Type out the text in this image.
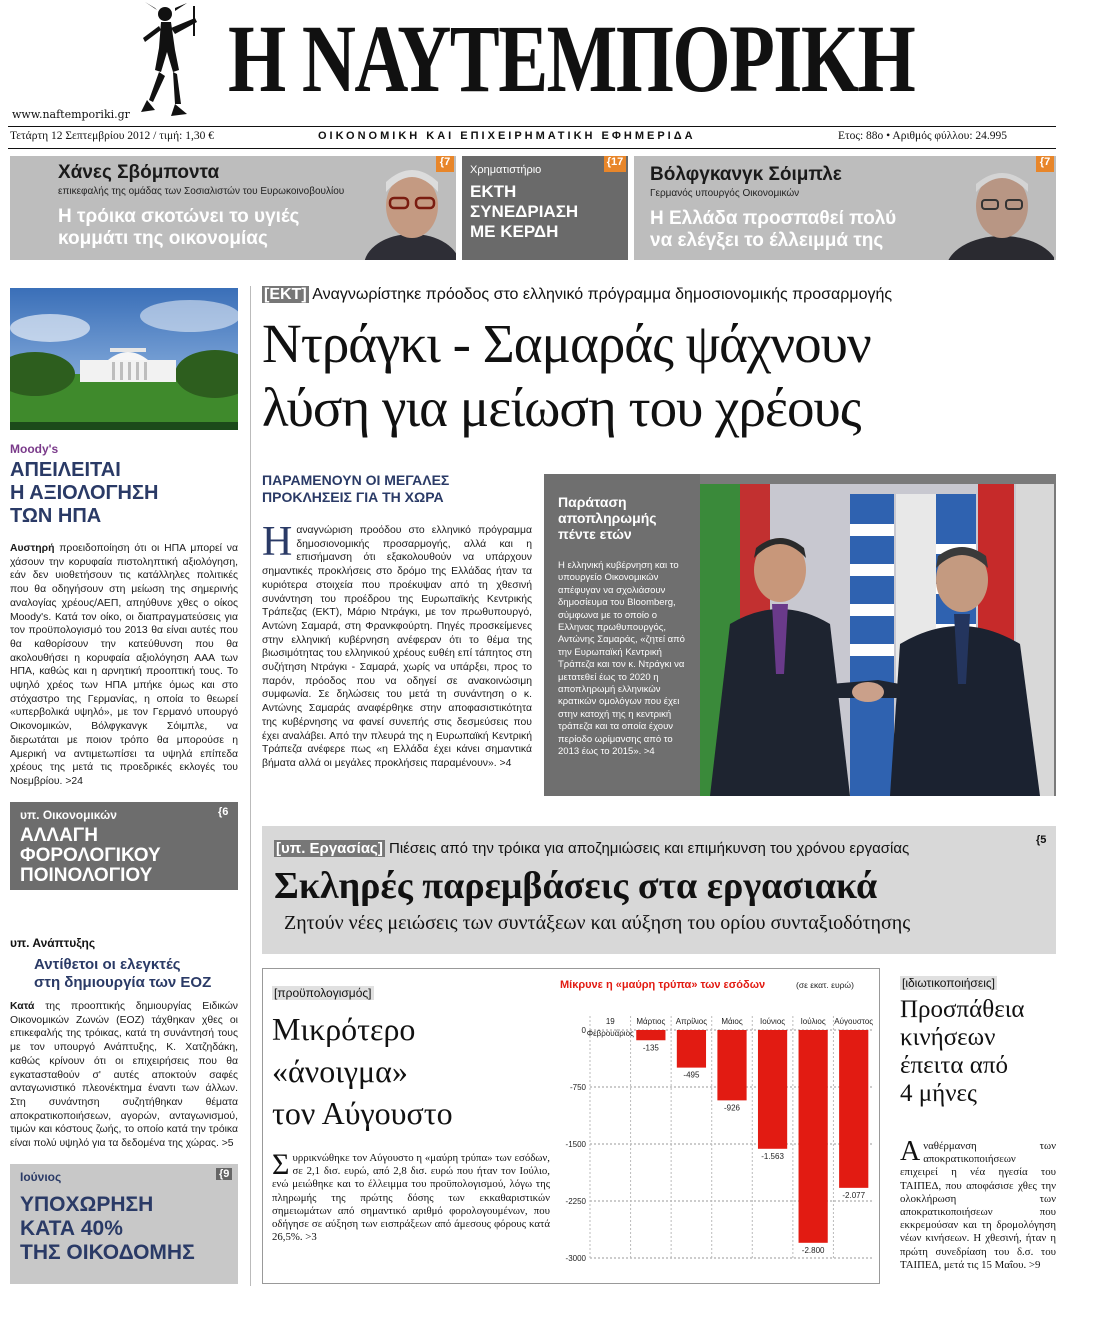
Η ΝΑΥΤΕΜΠΟΡΙΚΗ
www.naftemporiki.gr
Τετάρτη 12 Σεπτεμβρίου 2012 / τιμή: 1,30 €	ΟΙΚΟΝΟΜΙΚΗ ΚΑΙ ΕΠΙΧΕΙΡΗΜΑΤΙΚΗ ΕΦΗΜΕΡΙΔΑ	Ετος: 88ο • Αριθμός φύλλου: 24.995
Χάνες Σβόμποντα
επικεφαλής της ομάδας των Σοσιαλιστών του Ευρωκοινοβουλίου
Η τρόικα σκοτώνει το υγιές
κομμάτι της οικονομίας
{7
Χρηματιστήριο
ΕΚΤΗ
ΣΥΝΕΔΡΙΑΣΗ
ΜΕ ΚΕΡΔΗ
{17
Βόλφγκανγκ Σόιμπλε
Γερμανός υπουργός Οικονομικών
Η Ελλάδα προσπαθεί πολύ
να ελέγξει το έλλειμμά της
{7
Moody's
ΑΠΕΙΛΕΙΤΑΙ
Η ΑΞΙΟΛΟΓΗΣΗ
ΤΩΝ ΗΠΑ
Αυστηρή προειδοποίηση ότι οι ΗΠΑ μπορεί να χάσουν την κορυφαία πιστοληπτική αξιολόγηση, εάν δεν υιοθετήσουν τις κατάλληλες πολιτικές που θα οδηγήσουν στη μείωση της σημερινής αναλογίας χρέους/ΑΕΠ, απηύθυνε χθες ο οίκος Moody's. Κατά τον οίκο, οι διαπραγματεύσεις για τον προϋπολογισμό του 2013 θα είναι αυτές που θα καθορίσουν την κατεύθυνση που θα ακολουθήσει η κορυφαία αξιολόγηση ΑΑΑ των ΗΠΑ, καθώς και η αρνητική προοπτική τους. Το υψηλό χρέος των ΗΠΑ μπήκε όμως και στο στόχαστρο της Γερμανίας, η οποία το θεωρεί «υπερβολικά υψηλό», με τον Γερμανό υπουργό Οικονομικών, Βόλφγκανγκ Σόιμπλε, να διερωτάται με ποιον τρόπο θα μπορούσε η Αμερική να αντιμετωπίσει τα υψηλά επίπεδα χρέους της μετά τις προεδρικές εκλογές του Νοεμβρίου. >24
υπ. Οικονομικών
ΑΛΛΑΓΗ
ΦΟΡΟΛΟΓΙΚΟΥ
ΠΟΙΝΟΛΟΓΙΟΥ
{6
υπ. Ανάπτυξης
Αντίθετοι οι ελεγκτές
στη δημιουργία των ΕΟΖ
Κατά της προοπτικής δημιουργίας Ειδικών Οικονομικών Ζωνών (ΕΟΖ) τάχθηκαν χθες οι επικεφαλής της τρόικας, κατά τη συνάντησή τους με τον υπουργό Ανάπτυξης, Κ. Χατζηδάκη, καθώς κρίνουν ότι οι επιχειρήσεις που θα εγκατασταθούν σ' αυτές αποκτούν σαφές ανταγωνιστικό πλεονέκτημα έναντι των άλλων. Στη συνάντηση συζητήθηκαν θέματα αποκρατικοποιήσεων, αγορών, ανταγωνισμού, τιμών και κόστους ζωής, το οποίο κατά την τρόικα είναι πολύ υψηλό για τα δεδομένα της χώρας. >5
Ιούνιος
ΥΠΟΧΩΡΗΣΗ
ΚΑΤΑ 40%
ΤΗΣ ΟΙΚΟΔΟΜΗΣ
{9
[ΕΚΤ] Αναγνωρίστηκε πρόοδος στο ελληνικό πρόγραμμα δημοσιονομικής προσαρμογής
Ντράγκι - Σαμαράς ψάχνουν
λύση για μείωση του χρέους
ΠΑΡΑΜΕΝΟΥΝ ΟΙ ΜΕΓΑΛΕΣ
ΠΡΟΚΛΗΣΕΙΣ ΓΙΑ ΤΗ ΧΩΡΑ
Η αναγνώριση προόδου στο ελληνικό πρόγραμμα δημοσιονομικής προσαρμογής, αλλά και η επισήμανση ότι εξακολουθούν να υπάρχουν σημαντικές προκλήσεις στο δρόμο της Ελλάδας ήταν τα κυριότερα στοιχεία που προέκυψαν από τη χθεσινή συνάντηση του προέδρου της Ευρωπαϊκής Κεντρικής Τράπεζας (ΕΚΤ), Μάριο Ντράγκι, με τον πρωθυπουργό, Αντώνη Σαμαρά, στη Φρανκφούρτη. Πηγές προσκείμενες στην ελληνική κυβέρνηση ανέφεραν ότι το θέμα της βιωσιμότητας του ελληνικού χρέους ευθέη επί τάπητος στη συζήτηση Ντράγκι - Σαμαρά, χωρίς να υπάρξει, προς το παρόν, πρόοδος που να οδηγεί σε ανακοινώσιμη συμφωνία. Σε δηλώσεις του μετά τη συνάντηση ο κ. Αντώνης Σαμαράς αναφέρθηκε στην αποφασιστικότητα της κυβέρνησης να φανεί συνεπής στις δεσμεύσεις που έχει αναλάβει. Από την πλευρά της η Ευρωπαϊκή Κεντρική Τράπεζα ανέφερε πως «η Ελλάδα έχει κάνει σημαντικά βήματα αλλά οι μεγάλες προκλήσεις παραμένουν». >4
Παράταση
αποπληρωμής
πέντε ετών
Η ελληνική κυβέρνηση και το υπουργείο Οικονομικών απέφυγαν να σχολιάσουν δημοσίευμα του Bloomberg, σύμφωνα με το οποίο ο Ελληνας πρωθυπουργός, Αντώνης Σαμαράς, «ζητεί από την Ευρωπαϊκή Κεντρική Τράπεζα και τον κ. Ντράγκι να μετατεθεί έως το 2020 η αποπληρωμή ελληνικών κρατικών ομολόγων που έχει στην κατοχή της η κεντρική τράπεζα και τα οποία έχουν περίοδο ωρίμανσης από το 2013 έως το 2015». >4
[υπ. Εργασίας] Πιέσεις από την τρόικα για αποζημιώσεις και επιμήκυνση του χρόνου εργασίας
Σκληρές παρεμβάσεις στα εργασιακά
Ζητούν νέες μειώσεις των συντάξεων και αύξηση του ορίου συνταξιοδότησης
{5
[προϋπολογισμός]
Μικρότερο
«άνοιγμα»
τον Αύγουστο
Σ υρρικνώθηκε τον Αύγουστο η «μαύρη τρύπα» των εσόδων, σε 2,1 δισ. ευρώ, από 2,8 δισ. ευρώ που ήταν τον Ιούλιο, ενώ μειώθηκε και το έλλειμμα του προϋπολογισμού, λόγω της πληρωμής της πρώτης δόσης των εκκαθαριστικών σημειωμάτων από σημαντικό αριθμό φορολογουμένων, που οδήγησε σε αύξηση των εισπράξεων από άμεσους φόρους κατά 26,5%. >3
Μίκρυνε η «μαύρη τρύπα» των εσόδων	(σε εκατ. ευρώ)
0
-750
-1500
-2250
-3000
19
Φεβρουάριος
Μάρτιος
-135
Απρίλιος
-495
Μάιος
-926
Ιούνιος
-1.563
Ιούλιος
-2.800
Αύγουστος
-2.077
[ιδιωτικοποιήσεις]
Προσπάθεια
κινήσεων
έπειτα από
4 μήνες
Α ναθέρμανση των αποκρατικοποιήσεων επιχειρεί η νέα ηγεσία του ΤΑΙΠΕΔ, που αποφάσισε χθες την ολοκλήρωση των αποκρατικοποιήσεων που εκκρεμούσαν και τη δρομολόγηση νέων κινήσεων. Η χθεσινή, ήταν η πρώτη συνεδρίαση του δ.σ. του ΤΑΙΠΕΔ, μετά τις 15 Μαΐου. >9
